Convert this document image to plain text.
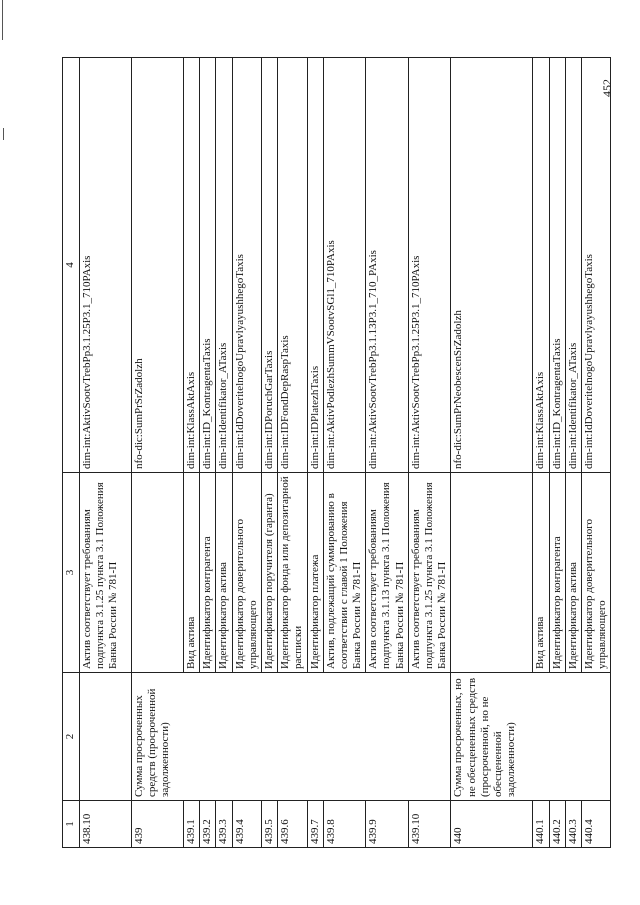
452
1	2	3	4
438.10		Актив соответствует требованиям подпункта 3.1.25 пункта 3.1 Положения Банка России № 781-П	dim-int:AktivSootvTrebPp3.1.25P3.1_710PAxis
439	Сумма просроченных средств (просроченной задолженности)		nfo-dic:SumPrSrZadolzh
439.1		Вид актива	dim-int:KlassAktAxis
439.2		Идентификатор контрагента	dim-int:ID_KontragentaTaxis
439.3		Идентификатор актива	dim-int:Identifikator_ATaxis
439.4		Идентификатор доверительного управляющего	dim-int:IdDoveritelnogoUpravlyayushhegoTaxis
439.5		Идентификатор поручителя (гаранта)	dim-int:IDPoruchGarTaxis
439.6		Идентификатор фонда или депозитарной расписки	dim-int:IDFondDepRaspTaxis
439.7		Идентификатор платежа	dim-int:IDPlatezhTaxis
439.8		Актив, подлежащий суммированию в соответствии с главой 1 Положения Банка России № 781-П	dim-int:AktivPodlezhSummVSootvSGl1_710PAxis
439.9		Актив соответствует требованиям подпункта 3.1.13 пункта 3.1 Положения Банка России № 781-П	dim-int:AktivSootvTrebPp3.1.13P3.1_710_PAxis
439.10		Актив соответствует требованиям подпункта 3.1.25 пункта 3.1 Положения Банка России № 781-П	dim-int:AktivSootvTrebPp3.1.25P3.1_710PAxis
440	Сумма просроченных, но не обесцененных средств (просроченной, но не обесцененной задолженности)		nfo-dic:SumPrNeobescenSrZadolzh
440.1		Вид актива	dim-int:KlassAktAxis
440.2		Идентификатор контрагента	dim-int:ID_KontragentaTaxis
440.3		Идентификатор актива	dim-int:Identifikator_ATaxis
440.4		Идентификатор доверительного управляющего	dim-int:IdDoveritelnogoUpravlyayushhegoTaxis
